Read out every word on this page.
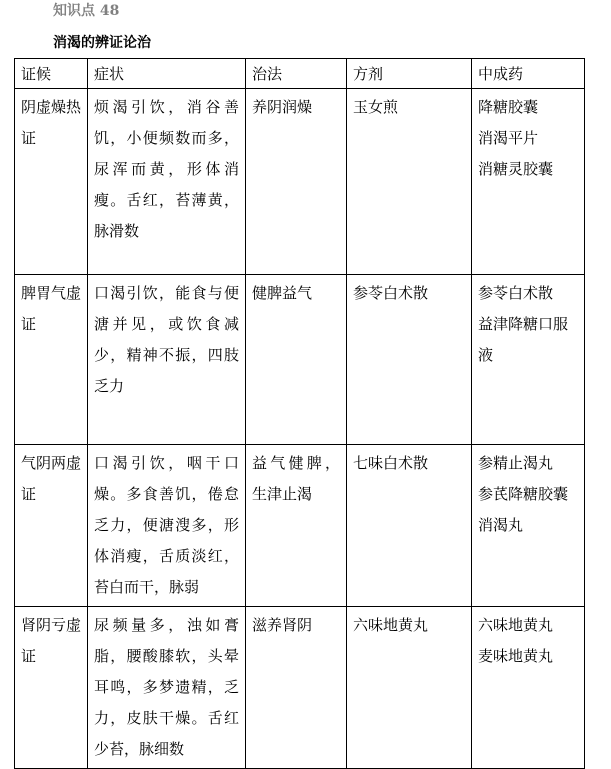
知识点 48
消渴的辨证论治
证候	症状	治法	方剂	中成药

阴虚燥热证	烦渴引饮，消谷善饥，小便频数而多，尿浑而黄，形体消瘦。舌红，苔薄黄，脉滑数	养阴润燥	玉女煎	降糖胶囊
消渴平片
消糖灵胶囊

脾胃气虚证	口渴引饮，能食与便溏并见，或饮食减少，精神不振，四肢乏力	健脾益气	参苓白术散	参苓白术散
益津降糖口服液

气阴两虚证	口渴引饮，咽干口燥。多食善饥，倦怠乏力，便溏溲多，形体消瘦，舌质淡红，苔白而干，脉弱	益气健脾，生津止渴	七味白术散	参精止渴丸
参芪降糖胶囊
消渴丸

肾阴亏虚证	尿频量多，浊如膏脂，腰酸膝软，头晕耳鸣，多梦遗精，乏力，皮肤干燥。舌红少苔，脉细数	滋养肾阴	六味地黄丸	六味地黄丸
麦味地黄丸
